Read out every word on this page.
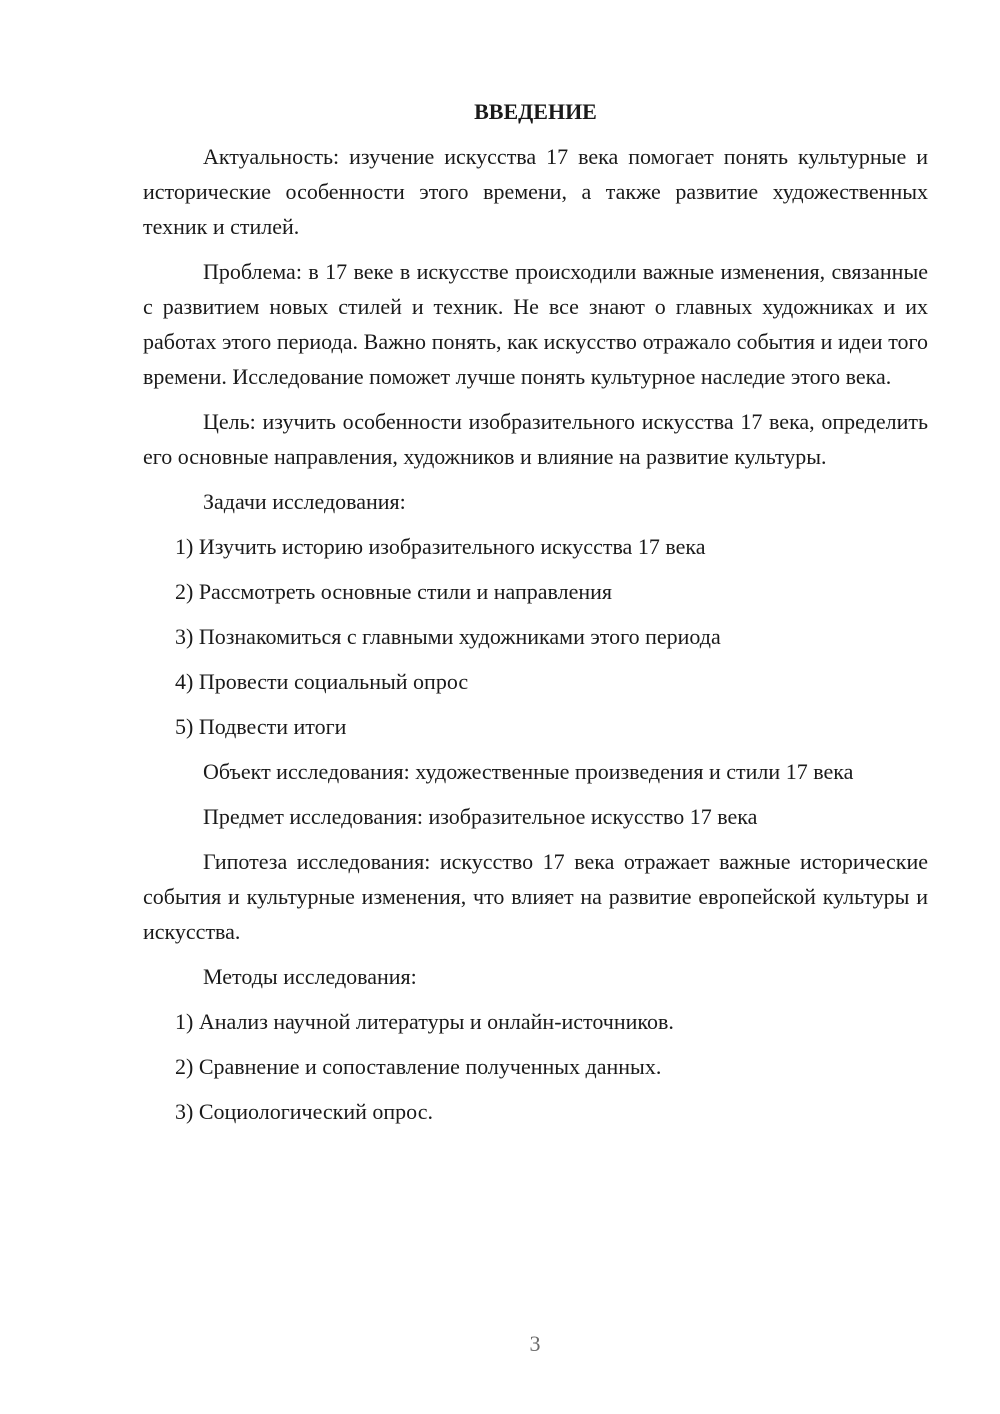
ВВЕДЕНИЕ

Актуальность: изучение искусства 17 века помогает понять культурные и исторические особенности этого времени, а также развитие художественных техник и стилей.

Проблема: в 17 веке в искусстве происходили важные изменения, связанные с развитием новых стилей и техник. Не все знают о главных художниках и их работах этого периода. Важно понять, как искусство отражало события и идеи того времени. Исследование поможет лучше понять культурное наследие этого века.

Цель: изучить особенности изобразительного искусства 17 века, определить его основные направления, художников и влияние на развитие культуры.

Задачи исследования:

1) Изучить историю изобразительного искусства 17 века
2) Рассмотреть основные стили и направления
3) Познакомиться с главными художниками этого периода
4) Провести социальный опрос
5) Подвести итоги

Объект исследования: художественные произведения и стили 17 века

Предмет исследования: изобразительное искусство 17 века

Гипотеза исследования: искусство 17 века отражает важные исторические события и культурные изменения, что влияет на развитие европейской культуры и искусства.

Методы исследования:

1) Анализ научной литературы и онлайн-источников.
2) Сравнение и сопоставление полученных данных.
3) Социологический опрос.
3
